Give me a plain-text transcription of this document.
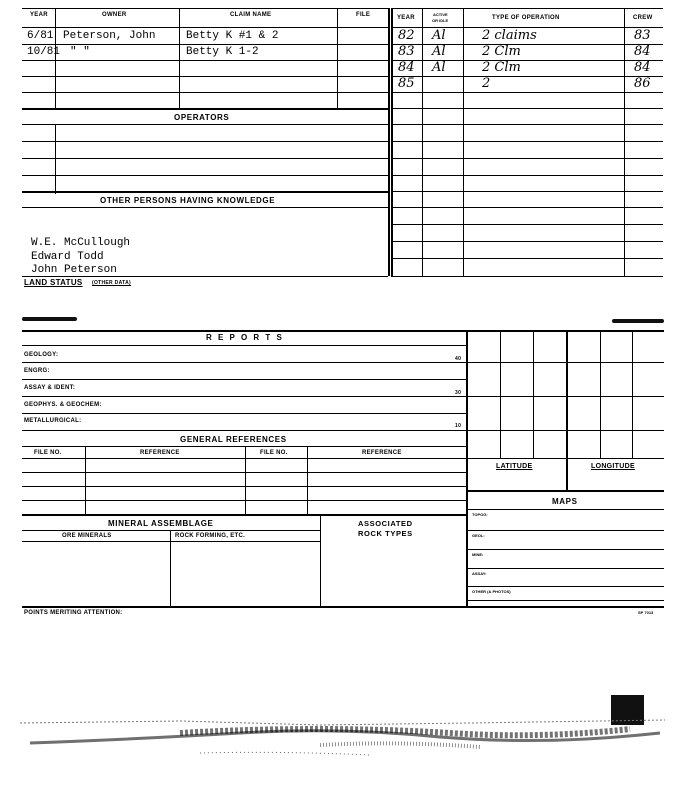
YEAR	OWNER	CLAIM NAME	FILE
6/81 Peterson, John	Betty K #1 & 2
10/81 " "	Betty K 1-2
OPERATORS
OTHER PERSONS HAVING KNOWLEDGE
W.E. McCullough
Edward Todd
John Peterson
YEAR
ACTIVE
OR IDLE	TYPE OF OPERATION	CREW
82 Al	2 claims	83
83 Al	2 Clm	84
84 Al	2 Clm	84
85	2	86
LAND STATUS (OTHER DATA)
R E P O R T S
GEOLOGY:
40
ENGRG:
ASSAY & IDENT:
30
GEOPHYS. & GEOCHEM:
METALLURGICAL:
10
GENERAL REFERENCES
FILE NO.	REFERENCE	FILE NO.	REFERENCE
LATITUDE	LONGITUDE
MAPS
TOPOG:
GEOL:
MINE:
ASSAY:
OTHER (& PHOTOS)
MINERAL ASSEMBLAGE
ORE MINERALS	ROCK FORMING, ETC.
ASSOCIATED
ROCK TYPES
POINTS MERITING ATTENTION:	SP 7013
